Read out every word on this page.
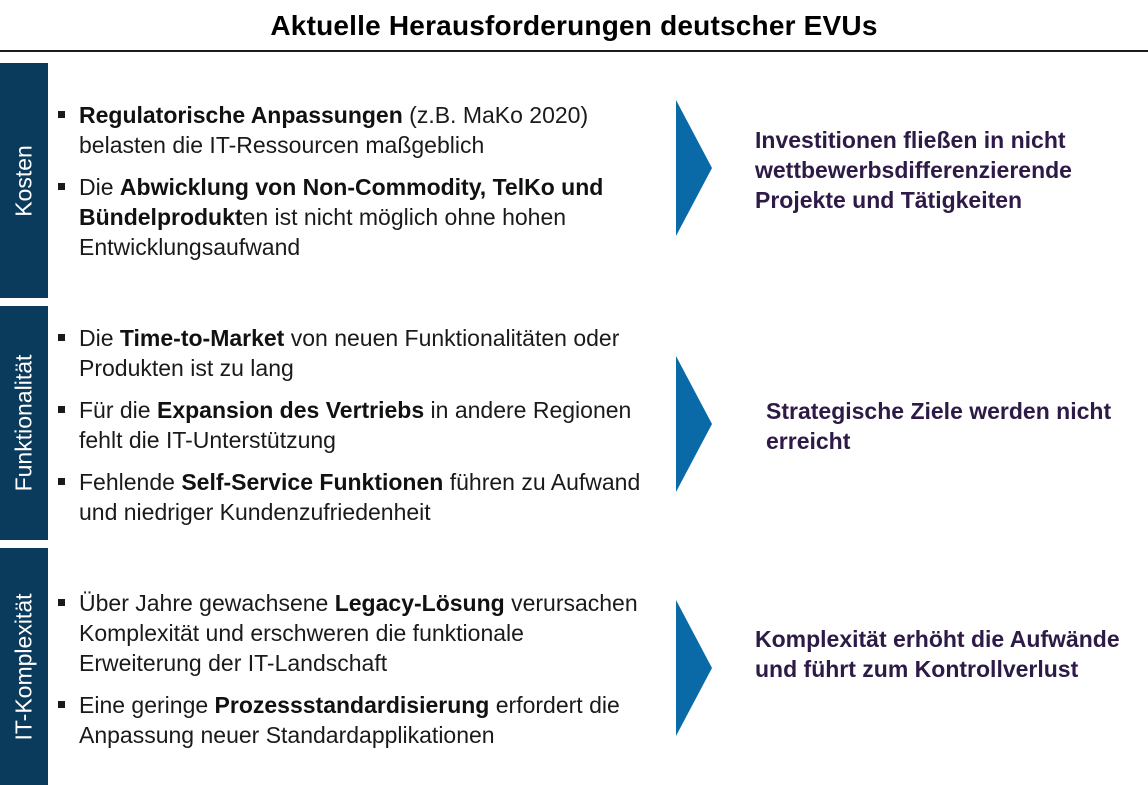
Aktuelle Herausforderungen deutscher EVUs
Kosten
Regulatorische Anpassungen (z.B. MaKo 2020) belasten die IT-Ressourcen maßgeblich
Die Abwicklung von Non-Commodity, TelKo und Bündelprodukten ist nicht möglich ohne hohen Entwicklungsaufwand
Investitionen fließen in nicht wettbewerbsdifferenzierende Projekte und Tätigkeiten
Funktionalität
Die Time-to-Market von neuen Funktionalitäten oder Produkten ist zu lang
Für die Expansion des Vertriebs in andere Regionen fehlt die IT-Unterstützung
Fehlende Self-Service Funktionen führen zu Aufwand und niedriger Kundenzufriedenheit
Strategische Ziele werden nicht erreicht
IT-Komplexität	Über Jahre gewachsene Legacy-Lösung verursachen Komplexität und erschweren die funktionale Erweiterung der IT-Landschaft
Eine geringe Prozessstandardisierung erfordert die Anpassung neuer Standardapplikationen
Komplexität erhöht die Aufwände und führt zum Kontrollverlust
